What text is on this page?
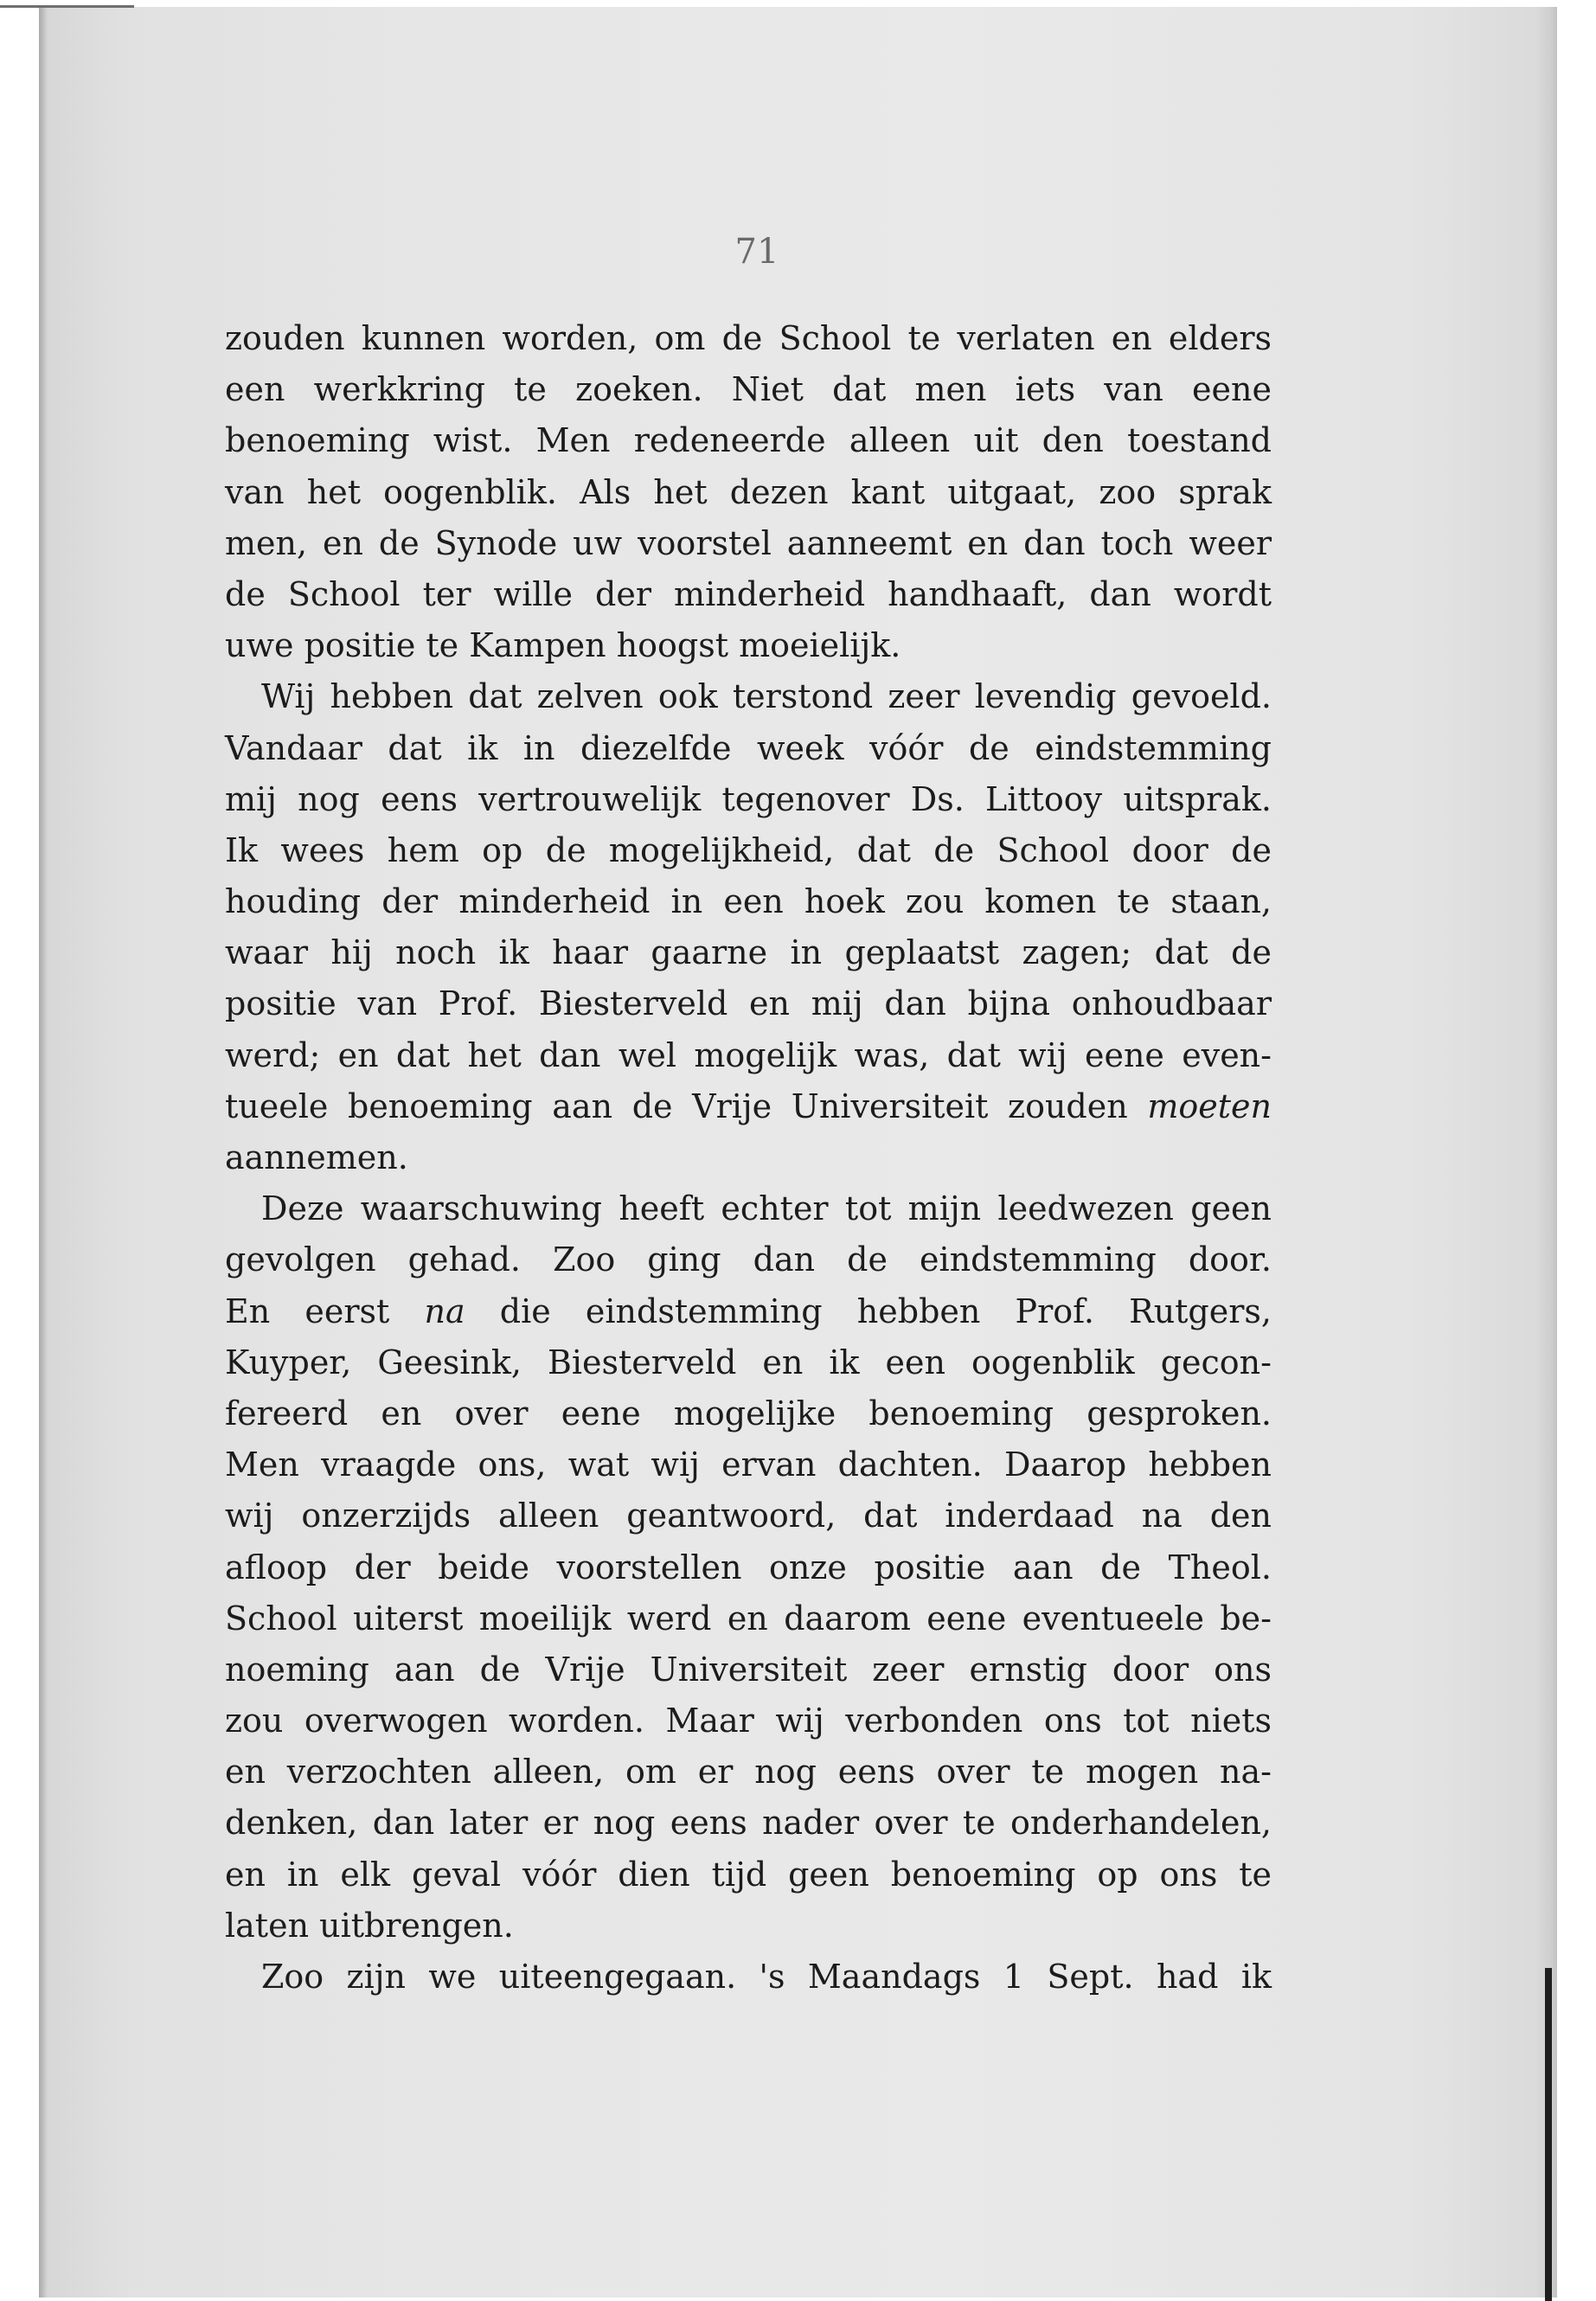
71

zouden kunnen worden, om de School te verlaten en elders
een werkkring te zoeken. Niet dat men iets van eene
benoeming wist. Men redeneerde alleen uit den toestand
van het oogenblik. Als het dezen kant uitgaat, zoo sprak
men, en de Synode uw voorstel aanneemt en dan toch weer
de School ter wille der minderheid handhaaft, dan wordt
uwe positie te Kampen hoogst moeielijk.
Wij hebben dat zelven ook terstond zeer levendig gevoeld.
Vandaar dat ik in diezelfde week vóór de eindstemming
mij nog eens vertrouwelijk tegenover Ds. Littooy uitsprak.
Ik wees hem op de mogelijkheid, dat de School door de
houding der minderheid in een hoek zou komen te staan,
waar hij noch ik haar gaarne in geplaatst zagen; dat de
positie van Prof. Biesterveld en mij dan bijna onhoudbaar
werd; en dat het dan wel mogelijk was, dat wij eene even-
tueele benoeming aan de Vrije Universiteit zouden moeten
aannemen.
Deze waarschuwing heeft echter tot mijn leedwezen geen
gevolgen gehad. Zoo ging dan de eindstemming door.
En eerst na die eindstemming hebben Prof. Rutgers,
Kuyper, Geesink, Biesterveld en ik een oogenblik gecon-
fereerd en over eene mogelijke benoeming gesproken.
Men vraagde ons, wat wij ervan dachten. Daarop hebben
wij onzerzijds alleen geantwoord, dat inderdaad na den
afloop der beide voorstellen onze positie aan de Theol.
School uiterst moeilijk werd en daarom eene eventueele be-
noeming aan de Vrije Universiteit zeer ernstig door ons
zou overwogen worden. Maar wij verbonden ons tot niets
en verzochten alleen, om er nog eens over te mogen na-
denken, dan later er nog eens nader over te onderhandelen,
en in elk geval vóór dien tijd geen benoeming op ons te
laten uitbrengen.
Zoo zijn we uiteengegaan. 's Maandags 1 Sept. had ik
